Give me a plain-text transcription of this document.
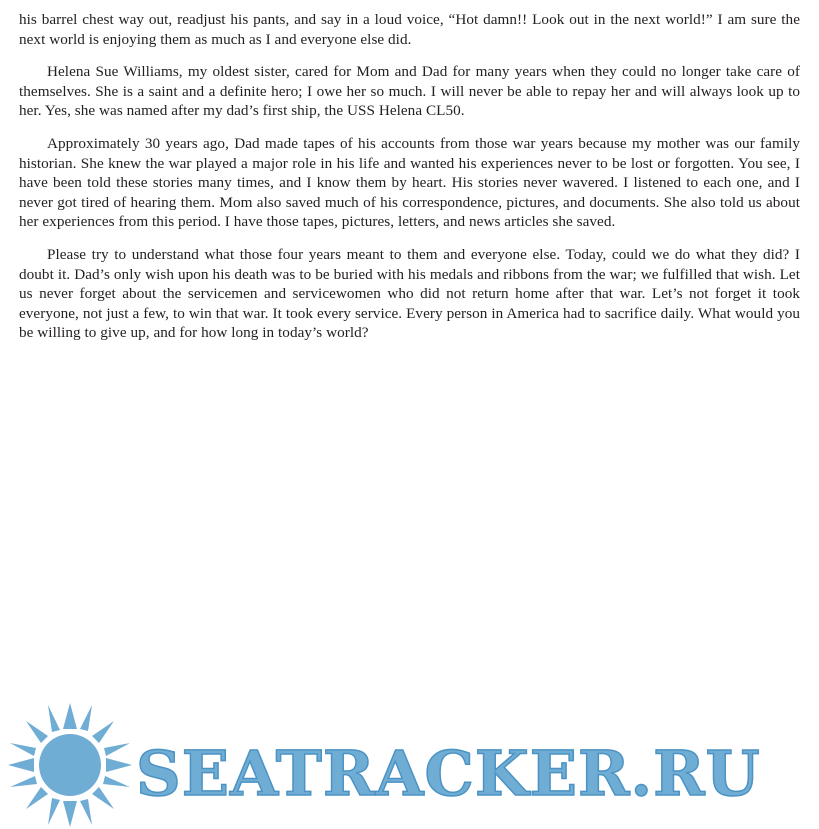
his barrel chest way out, readjust his pants, and say in a loud voice, “Hot damn!! Look out in the next world!” I am sure the next world is enjoying them as much as I and everyone else did.

Helena Sue Williams, my oldest sister, cared for Mom and Dad for many years when they could no longer take care of themselves. She is a saint and a definite hero; I owe her so much. I will never be able to repay her and will always look up to her. Yes, she was named after my dad’s first ship, the USS Helena CL50.

Approximately 30 years ago, Dad made tapes of his accounts from those war years because my mother was our family historian. She knew the war played a major role in his life and wanted his experiences never to be lost or forgotten. You see, I have been told these stories many times, and I know them by heart. His stories never wavered. I listened to each one, and I never got tired of hearing them. Mom also saved much of his correspondence, pictures, and documents. She also told us about her experiences from this period. I have those tapes, pictures, letters, and news articles she saved.

Please try to understand what those four years meant to them and everyone else. Today, could we do what they did? I doubt it. Dad’s only wish upon his death was to be buried with his medals and ribbons from the war; we fulfilled that wish. Let us never forget about the servicemen and servicewomen who did not return home after that war. Let’s not forget it took everyone, not just a few, to win that war. It took every service. Every person in America had to sacrifice daily. What would you be willing to give up, and for how long in today’s world?

SEATRACKER.RU
